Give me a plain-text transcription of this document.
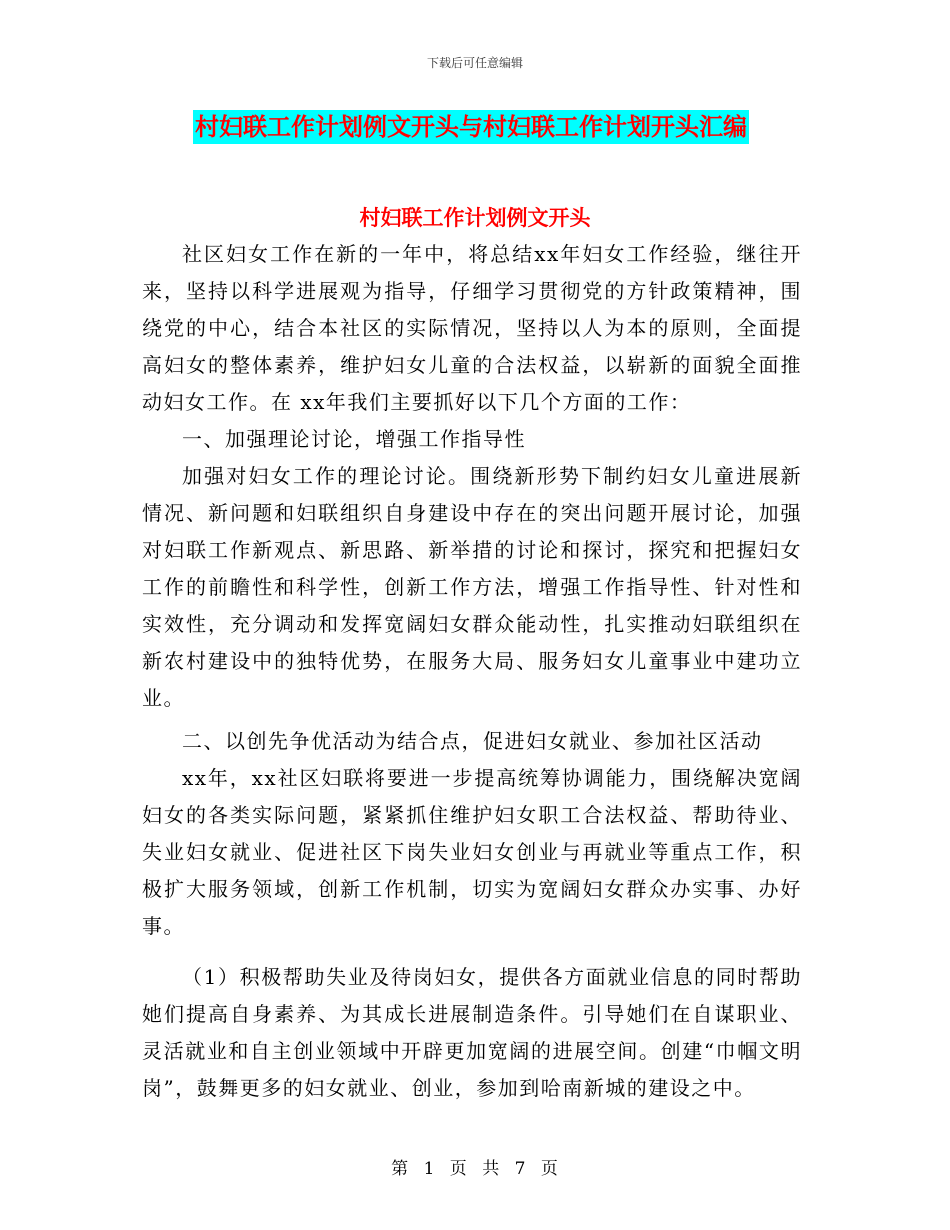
下载后可任意编辑
村妇联工作计划例文开头与村妇联工作计划开头汇编
村妇联工作计划例文开头

社区妇女工作在新的一年中，将总结xx年妇女工作经验，继往开来，坚持以科学进展观为指导，仔细学习贯彻党的方针政策精神，围绕党的中心，结合本社区的实际情况，坚持以人为本的原则，全面提高妇女的整体素养，维护妇女儿童的合法权益，以崭新的面貌全面推动妇女工作。在 xx年我们主要抓好以下几个方面的工作：

一、加强理论讨论，增强工作指导性

加强对妇女工作的理论讨论。围绕新形势下制约妇女儿童进展新情况、新问题和妇联组织自身建设中存在的突出问题开展讨论，加强对妇联工作新观点、新思路、新举措的讨论和探讨，探究和把握妇女工作的前瞻性和科学性，创新工作方法，增强工作指导性、针对性和实效性，充分调动和发挥宽阔妇女群众能动性，扎实推动妇联组织在新农村建设中的独特优势，在服务大局、服务妇女儿童事业中建功立业。

二、以创先争优活动为结合点，促进妇女就业、参加社区活动

xx年，xx社区妇联将要进一步提高统筹协调能力，围绕解决宽阔妇女的各类实际问题，紧紧抓住维护妇女职工合法权益、帮助待业、失业妇女就业、促进社区下岗失业妇女创业与再就业等重点工作，积极扩大服务领域，创新工作机制，切实为宽阔妇女群众办实事、办好事。

（1）积极帮助失业及待岗妇女，提供各方面就业信息的同时帮助她们提高自身素养、为其成长进展制造条件。引导她们在自谋职业、灵活就业和自主创业领域中开辟更加宽阔的进展空间。创建“巾帼文明岗”，鼓舞更多的妇女就业、创业，参加到哈南新城的建设之中。

第 1 页 共 7 页
